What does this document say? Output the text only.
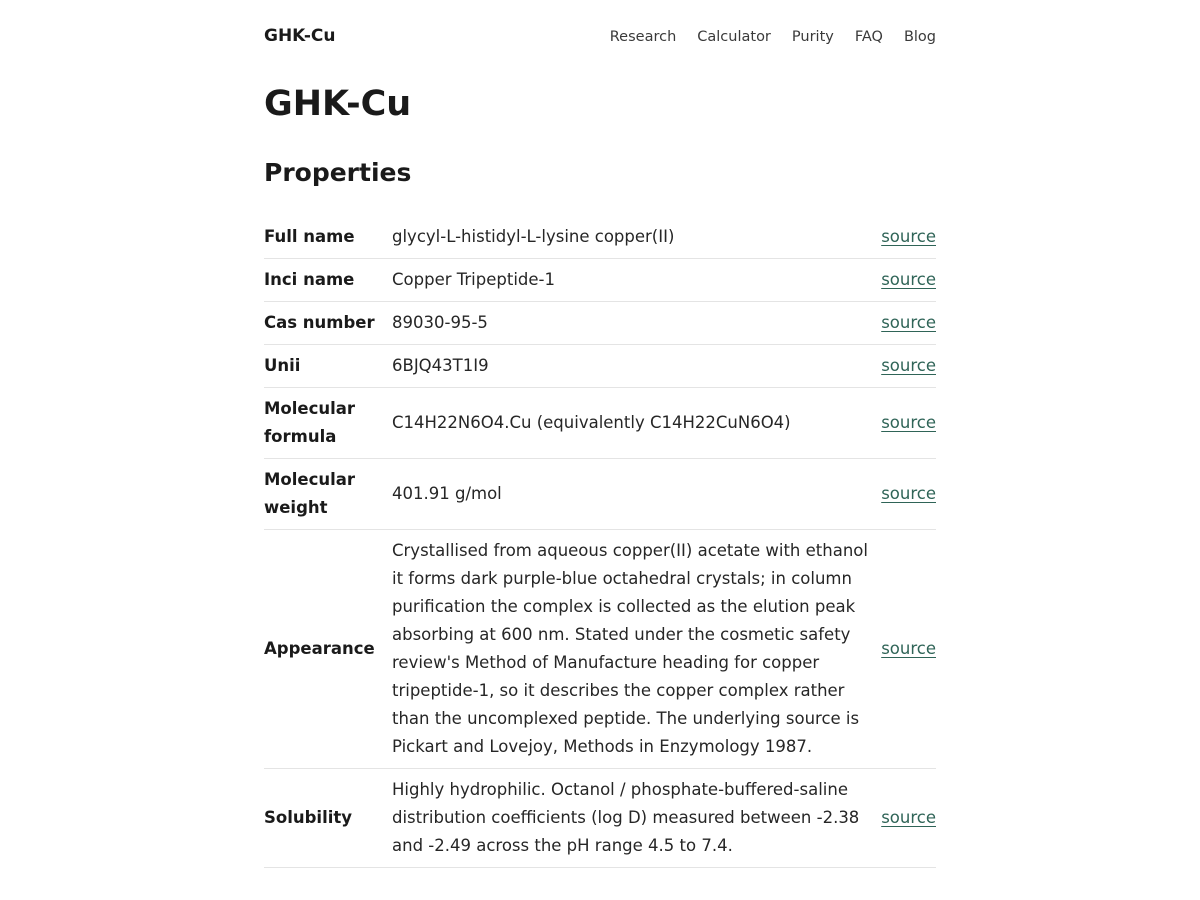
GHK-Cu	Research Calculator Purity FAQ Blog
GHK-Cu
Properties
Full name	glycyl-L-histidyl-L-lysine copper(II)	source
Inci name	Copper Tripeptide-1	source
Cas number	89030-95-5	source
Unii	6BJQ43T1I9	source
Molecular formula	C14H22N6O4.Cu (equivalently C14H22CuN6O4)	source
Molecular weight	401.91 g/mol	source
Appearance	Crystallised from aqueous copper(II) acetate with ethanol it forms dark purple-blue octahedral crystals; in column purification the complex is collected as the elution peak absorbing at 600 nm. Stated under the cosmetic safety review's Method of Manufacture heading for copper tripeptide-1, so it describes the copper complex rather than the uncomplexed peptide. The underlying source is Pickart and Lovejoy, Methods in Enzymology 1987.	source
Solubility	Highly hydrophilic. Octanol / phosphate-buffered-saline distribution coefficients (log D) measured between -2.38 and -2.49 across the pH range 4.5 to 7.4.	source
